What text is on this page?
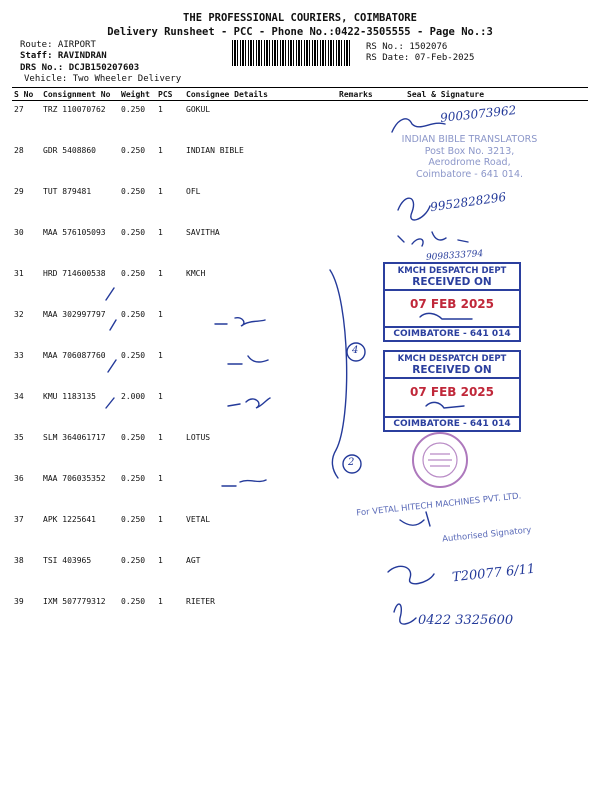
THE PROFESSIONAL COURIERS, COIMBATORE
Delivery Runsheet - PCC - Phone No.:0422-3505555 - Page No.:3
Route: AIRPORT
Staff: RAVINDRAN
DRS No.: DCJB150207603
Vehicle: Two Wheeler Delivery
RS No.: 1502076
RS Date: 07-Feb-2025
S No	Consignment No	Weight	PCS	Consignee Details	Remarks	Seal & Signature
27	TRZ 110070762	0.250	1	GOKUL		
28	GDR 5408860	0.250	1	INDIAN BIBLE		
29	TUT 879481	0.250	1	OFL		
30	MAA 576105093	0.250	1	SAVITHA		
31	HRD 714600538	0.250	1	KMCH		
32	MAA 302997797	0.250	1			
33	MAA 706087760	0.250	1			
34	KMU 1183135	2.000	1			
35	SLM 364061717	0.250	1	LOTUS		
36	MAA 706035352	0.250	1			
37	APK 1225641	0.250	1	VETAL		
38	TSI 403965	0.250	1	AGT		
39	IXM 507779312	0.250	1	RIETER		
9003073962
9952828296
9098333794
T20077 6/11
0422 3325600
4
2
INDIAN BIBLE TRANSLATORS
Post Box No. 3213,
Aerodrome Road,
Coimbatore - 641 014.
KMCH DESPATCH DEPT
RECEIVED ON
07 FEB 2025
COIMBATORE - 641 014
KMCH DESPATCH DEPT
RECEIVED ON
07 FEB 2025
COIMBATORE - 641 014
For VETAL HITECH MACHINES PVT. LTD.
Authorised Signatory
